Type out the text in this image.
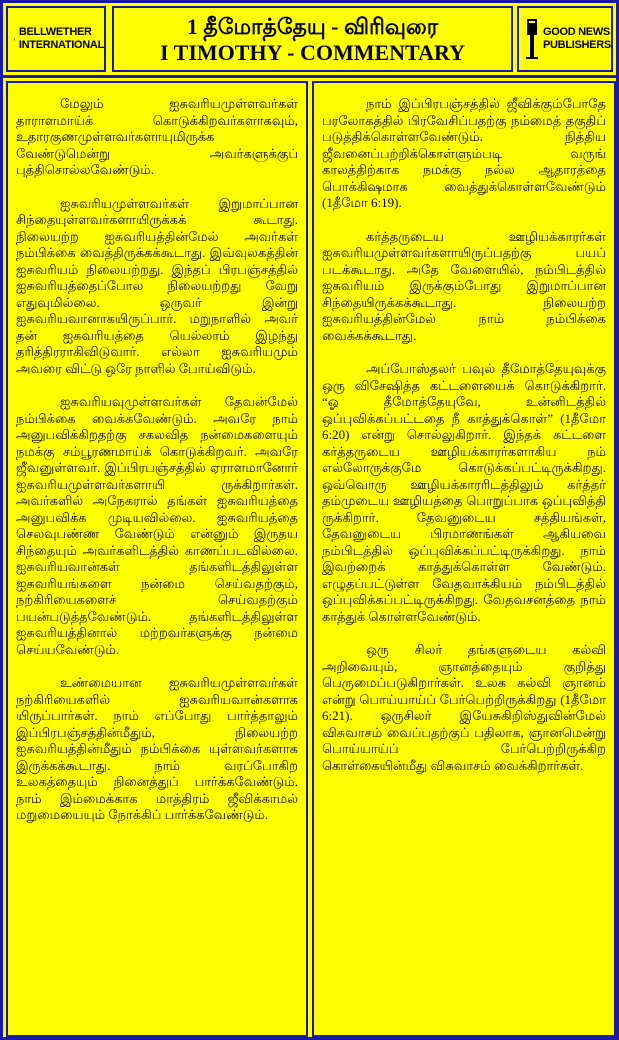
BELLWETHER
INTERNATIONAL
1 தீமோத்தேயு - விரிவுரை
I TIMOTHY - COMMENTARY
GOOD NEWS
PUBLISHERS

மேலும் ஐசுவரியமுள்ளவர்கள் தாராளமாய்க் கொடுக்கிறவர்களாகவும், உதாரகுணமுள்ளவர்களாயுமிருக்க வேண்டுமென்று அவர்களுக்குப் புத்திசொல்லவேண்டும்.

ஐசுவரியமுள்ளவர்கள் இறுமாப்பான சிந்தையுள்ளவர்களாயிருக்கக் கூடாது. நிலையற்ற ஐசுவரியத்தின்மேல் அவர்கள் நம்பிக்கை வைத்திருக்கக்கூடாது. இவ்வுலகத்தின் ஐசுவரியம் நிலையற்றது. இந்தப் பிரபஞ்சத்தில் ஐசுவரியத்தைப்போல நிலையற்றது வேறு எதுவுமில்லை. ஒருவர் இன்று ஐசுவரியவானாகயிருப்பார். மறுநாளில் அவர் தன் ஐசுவரியத்தை யெல்லாம் இழந்து தரித்திரராகிவிடுவார். எல்லா ஐசுவரியமும் அவரை விட்டு ஒரே நாளில் போய்விடும்.

ஐசுவரியவுமுள்ளவர்கள் தேவன்மேல் நம்பிக்கை வைக்கவேண்டும். அவரே நாம் அனுபவிக்கிறதற்கு சகலவித நன்மைகளையும் நமக்கு சம்பூரணமாய்க் கொடுக்கிறவர். அவரே ஜீவனுள்ளவர். இப்பிரபஞ்சத்தில் ஏராளமானோர் ஐசுவரியமுள்ளவர்களாயி ருக்கிறார்கள். அவர்களில் அநேகரால் தங்கள் ஐசுவரியத்தை அனுபவிக்க முடியவில்லை. ஐசுவரியத்தை செலவுபண்ண வேண்டும் என்னும் இருதய சிந்தையும் அவர்களிடத்தில் காணப்படவில்லை. ஐசுவரியவான்கள் தங்களிடத்திலுள்ள ஐசுவரியங்களை நன்மை செய்வதற்கும், நற்கிரியைகளைச் செய்வதற்கும் பயன்படுத்தவேண்டும். தங்களிடத்திலுள்ள ஐசுவரியத்தினால் மற்றவர்களுக்கு நன்மை செய்யவேண்டும்.

உண்மையான ஐசுவரியமுள்ளவர்கள் நற்கிரியைகளில் ஐசுவரியவான்களாக யிருப்பார்கள். நாம் எப்போது பார்த்தாலும் இப்பிரபஞ்சத்தின்மீதும், நிலையற்ற ஐசுவரியத்தின்மீதும் நம்பிக்கை யுள்ளவர்களாக இருக்கக்கூடாது. நாம் வரப்போகிற உலகத்தையும் நினைத்துப் பார்க்கவேண்டும். நாம் இம்மைக்காக மாத்திரம் ஜீவிக்காமல் மறுமையையும் நோக்கிப் பார்க்கவேண்டும்.

நாம் இப்பிரபஞ்சத்தில் ஜீவிக்கும்போதே பரலோகத்தில் பிரவேசிப்பதற்கு நம்மைத் தகுதிப் படுத்திக்கொள்ளவேண்டும். நித்திய ஜீவனைப்பற்றிக்கொள்ளும்படி வருங் காலத்திற்காக நமக்கு நல்ல ஆதாரத்தை பொக்கிஷமாக வைத்துக்கொள்ளவேண்டும் (1தீமோ 6:19).

கர்த்தருடைய ஊழியக்காரர்கள் ஐசுவரியமுள்ளவர்களாயிருப்பதற்கு பயப் படக்கூடாது. அதே வேளையில், நம்பிடத்தில் ஐசுவரியம் இருக்கும்போது இறுமாப்பான சிந்தையிருக்கக்கூடாது. நிலையற்ற ஐசுவரியத்தின்மேல் நாம் நம்பிக்கை வைக்கக்கூடாது.

அப்போஸ்தலர் பவுல் தீமோத்தேயுவுக்கு ஒரு விசேஷித்த கட்டளையைக் கொடுக்கிறார். “ஓ தீமோத்தேயுவே, உன்னிடத்தில் ஒப்புவிக்கப்பட்டதை நீ காத்துக்கொள்” (1தீமோ 6:20) என்று சொல்லுகிறார். இந்தக் கட்டளை கர்த்தருடைய ஊழியக்காரர்களாகிய நம் எல்லோருக்குமே கொடுக்கப்பட்டிருக்கிறது. ஒவ்வொரு ஊழியக்காரரிடத்திலும் கர்த்தர் தம்முடைய ஊழியத்தை பொறுப்பாக ஒப்புவித்தி ருக்கிறார். தேவனுடைய சத்தியங்கள், தேவனுடைய பிரமாணங்கள் ஆகியவை நம்பிடத்தில் ஒப்புவிக்கப்பட்டிருக்கிறது. நாம் இவற்றைக் காத்துக்கொள்ள வேண்டும். எழுதப்பட்டுள்ள வேதவாக்கியம் நம்பிடத்தில் ஒப்புவிக்கப்பட்டிருக்கிறது. வேதவசனத்தை நாம் காத்துக் கொள்ளவேண்டும்.

ஒரு சிலர் தங்களுடைய கல்வி அறிவையும், ஞானத்தையும் குறித்து பெருமைப்படுகிறார்கள். உலக கல்வி ஞானம் என்று பொய்யாய்ப் பேர்பெற்றிருக்கிறது (1தீமோ 6:21). ஒருசிலர் இயேசுகிறிஸ்துவின்மேல் விசுவாசம் வைப்பதற்குப் பதிலாக, ஞானமென்று பொய்யாய்ப் பேர்பெற்றிருக்கிற கொள்கையின்மீது விசுவாசம் வைக்கிறார்கள்.
